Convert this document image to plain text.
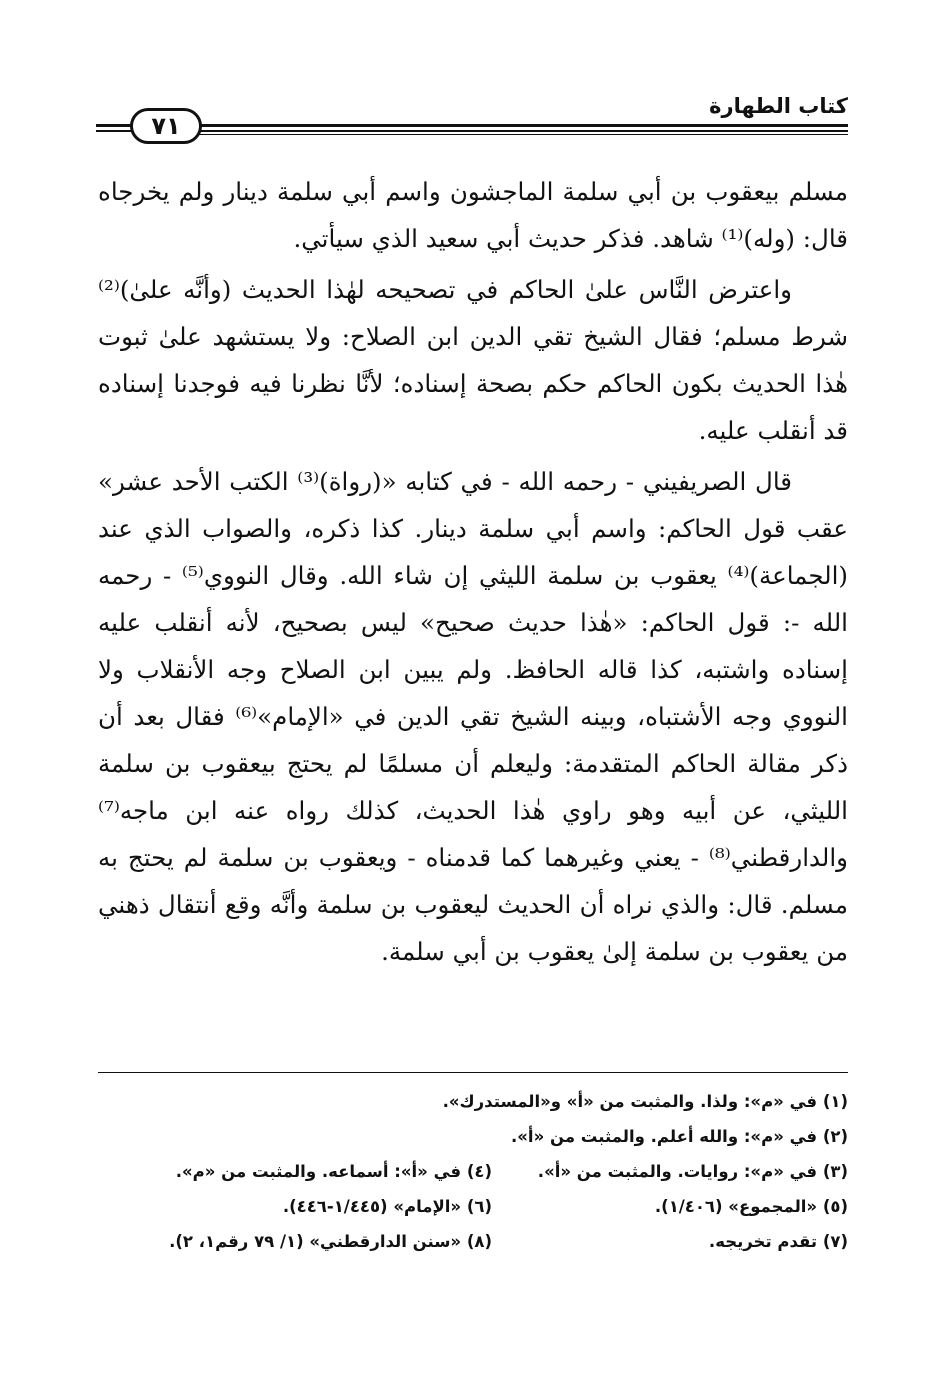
كتاب الطهارة
٧١

مسلم بيعقوب بن أبي سلمة الماجشون واسم أبي سلمة دينار ولم يخرجاه قال: (وله)⁽¹⁾ شاهد. فذكر حديث أبي سعيد الذي سيأتي.

واعترض النَّاس علىٰ الحاكم في تصحيحه لهٰذا الحديث (وأنَّه علىٰ)⁽²⁾ شرط مسلم؛ فقال الشيخ تقي الدين ابن الصلاح: ولا يستشهد علىٰ ثبوت هٰذا الحديث بكون الحاكم حكم بصحة إسناده؛ لأنَّا نظرنا فيه فوجدنا إسناده قد أنقلب عليه.

قال الصريفيني - رحمه الله - في كتابه «(رواة)⁽³⁾ الكتب الأحد عشر» عقب قول الحاكم: واسم أبي سلمة دينار. كذا ذكره، والصواب الذي عند (الجماعة)⁽⁴⁾ يعقوب بن سلمة الليثي إن شاء الله. وقال النووي⁽⁵⁾ - رحمه الله -: قول الحاكم: «هٰذا حديث صحيح» ليس بصحيح، لأنه أنقلب عليه إسناده واشتبه، كذا قاله الحافظ. ولم يبين ابن الصلاح وجه الأنقلاب ولا النووي وجه الأشتباه، وبينه الشيخ تقي الدين في «الإمام»⁽⁶⁾ فقال بعد أن ذكر مقالة الحاكم المتقدمة: وليعلم أن مسلمًا لم يحتج بيعقوب بن سلمة الليثي، عن أبيه وهو راوي هٰذا الحديث، كذلك رواه عنه ابن ماجه⁽⁷⁾ والدارقطني⁽⁸⁾ - يعني وغيرهما كما قدمناه - ويعقوب بن سلمة لم يحتج به مسلم. قال: والذي نراه أن الحديث ليعقوب بن سلمة وأنَّه وقع أنتقال ذهني من يعقوب بن سلمة إلىٰ يعقوب بن أبي سلمة.

(١) في «م»: ولذا. والمثبت من «أ» و«المستدرك».
(٢) في «م»: والله أعلم. والمثبت من «أ».
(٣) في «م»: روايات. والمثبت من «أ».
(٤) في «أ»: أسماعه. والمثبت من «م».
(٥) «المجموع» (١/٤٠٦).
(٦) «الإمام» (١/٤٤٥-٤٤٦).
(٧) تقدم تخريجه.
(٨) «سنن الدارقطني» (١/ ٧٩ رقم١، ٢).
